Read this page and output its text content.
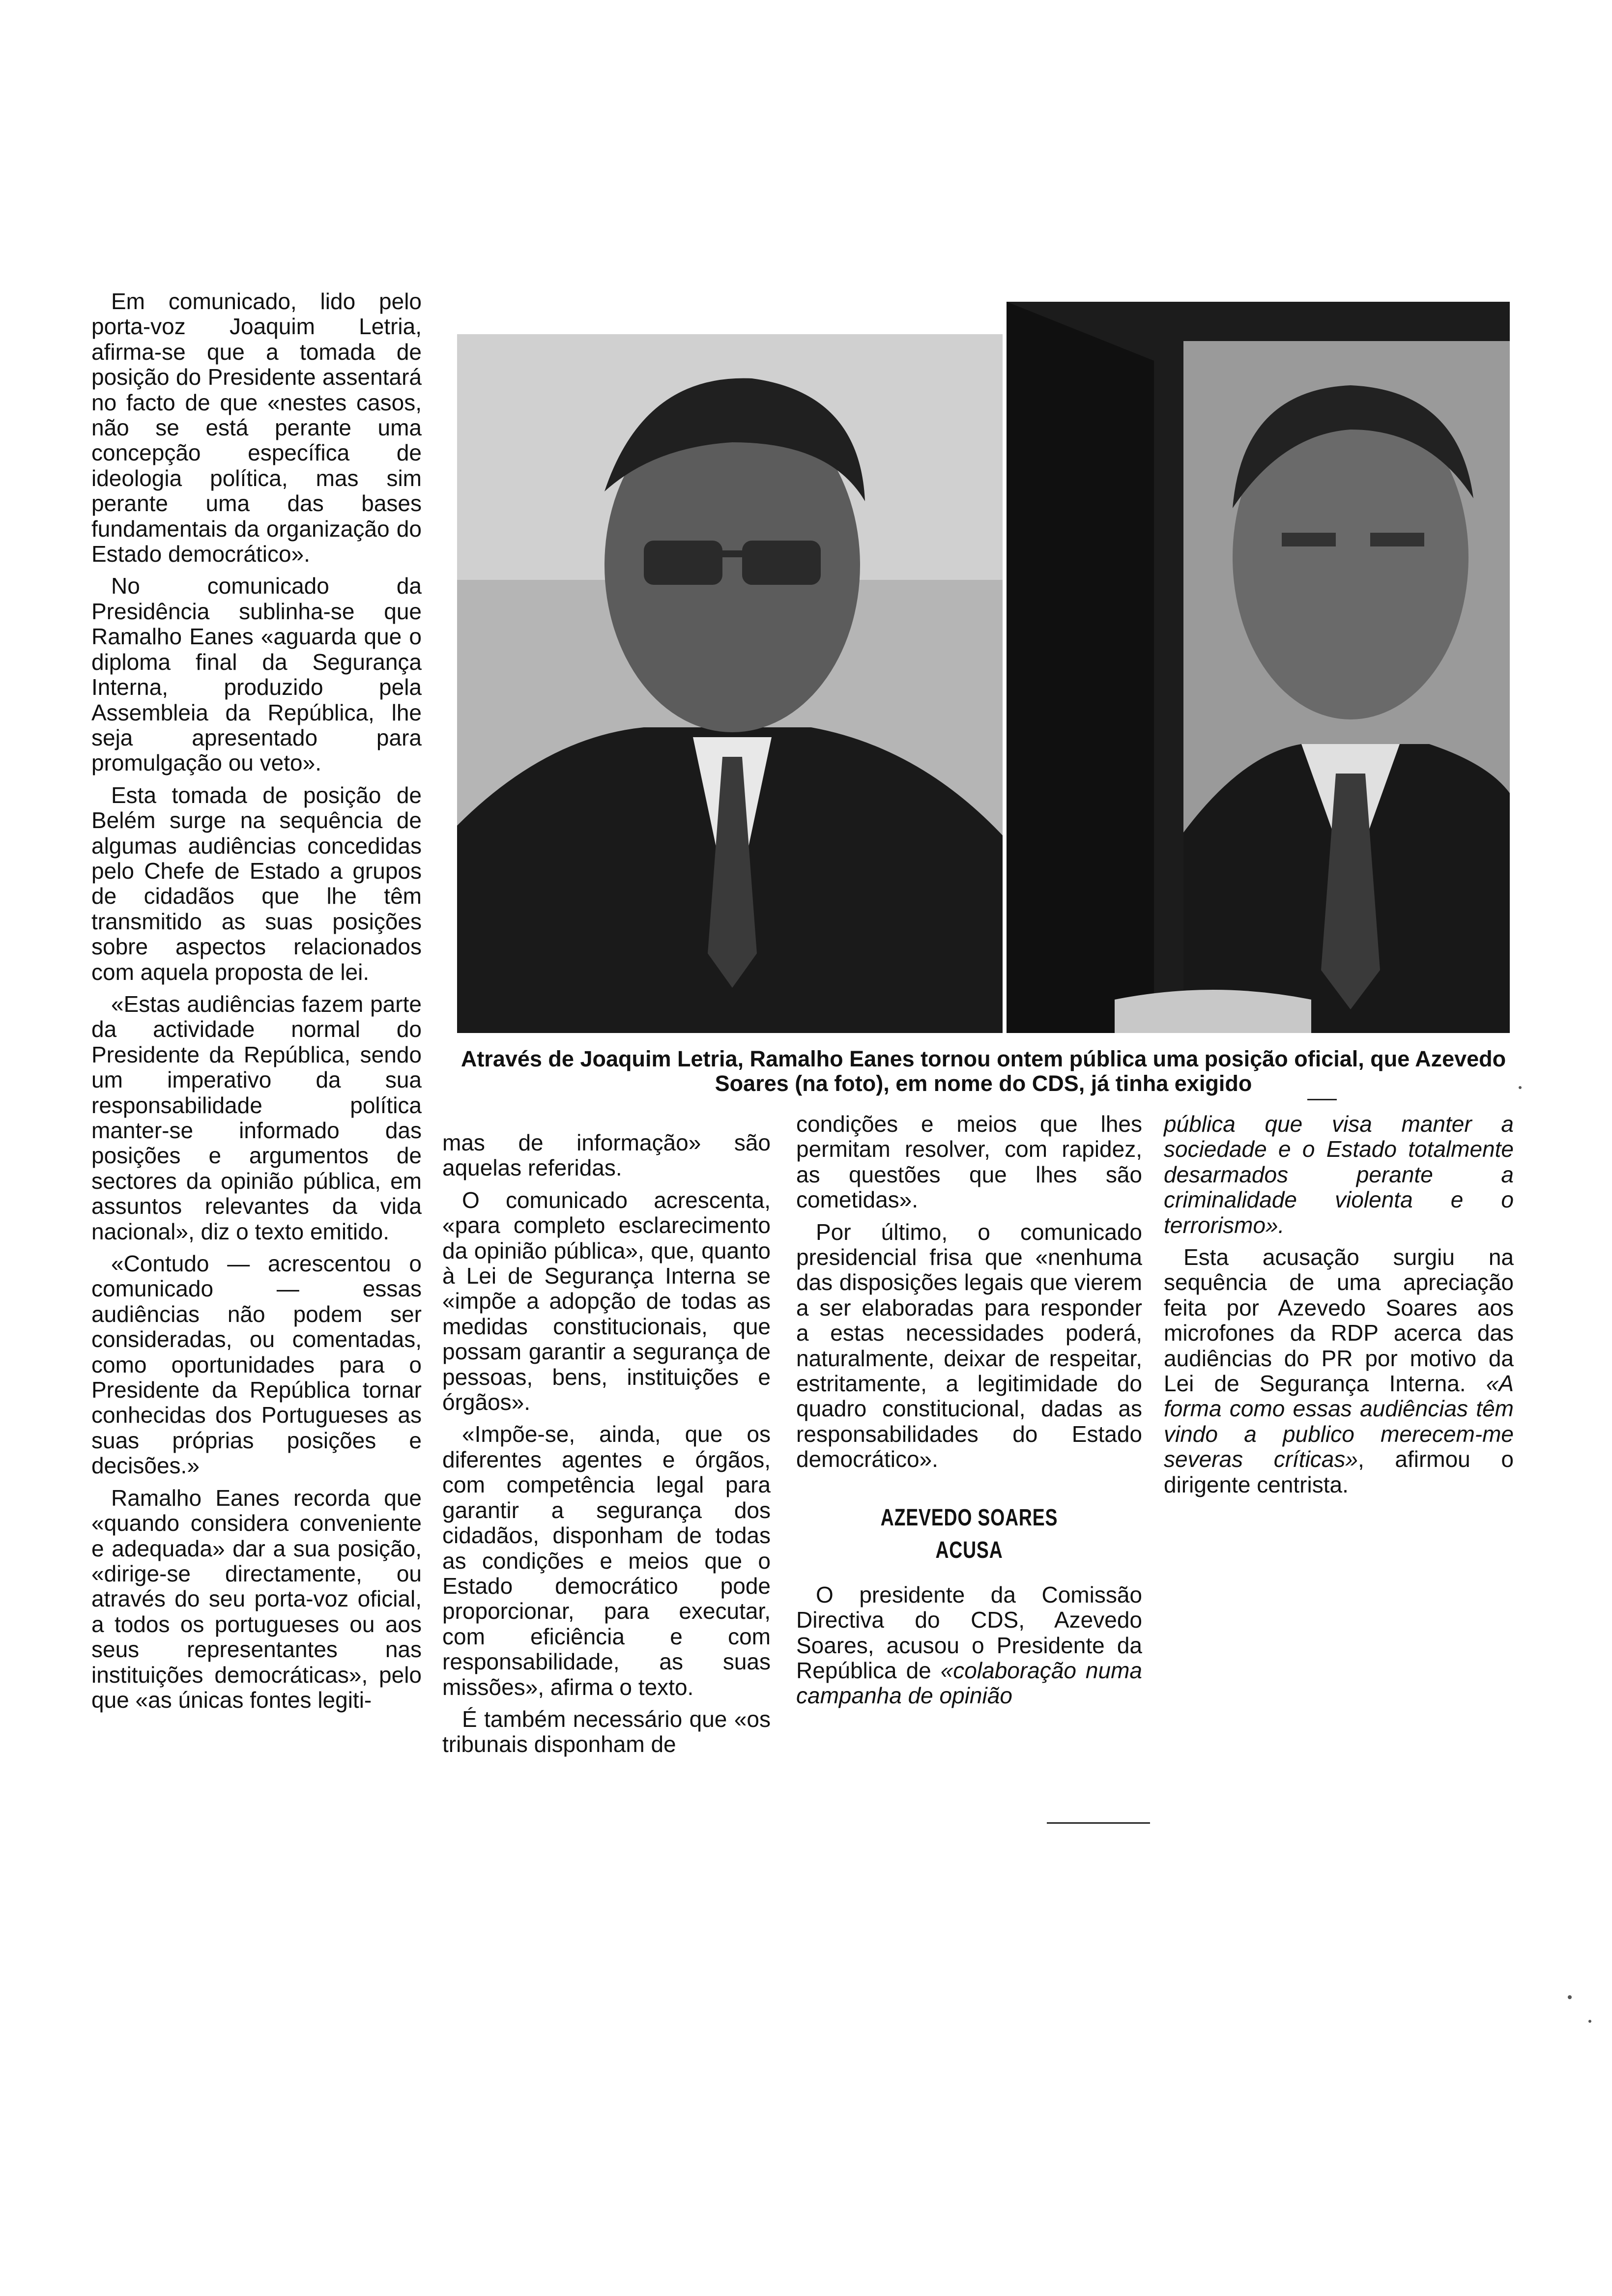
Em comunicado, lido pelo porta-voz Joaquim Letria, afirma-se que a tomada de posição do Presidente assentará no facto de que «nestes casos, não se está perante uma concepção específica de ideologia política, mas sim perante uma das bases fundamentais da organização do Estado democrático».

No comunicado da Presidência sublinha-se que Ramalho Eanes «aguarda que o diploma final da Segurança Interna, produzido pela Assembleia da República, lhe seja apresentado para promulgação ou veto».

Esta tomada de posição de Belém surge na sequência de algumas audiências concedidas pelo Chefe de Estado a grupos de cidadãos que lhe têm transmitido as suas posições sobre aspectos relacionados com aquela proposta de lei.

«Estas audiências fazem parte da actividade normal do Presidente da República, sendo um imperativo da sua responsabilidade política manter-se informado das posições e argumentos de sectores da opinião pública, em assuntos relevantes da vida nacional», diz o texto emitido.

«Contudo — acrescentou o comunicado — essas audiências não podem ser consideradas, ou comentadas, como oportunidades para o Presidente da República tornar conhecidas dos Portugueses as suas próprias posições e decisões.»

Ramalho Eanes recorda que «quando considera conveniente e adequada» dar a sua posição, «dirige-se directamente, ou através do seu porta-voz oficial, a todos os portugueses ou aos seus representantes nas instituições democráticas», pelo que «as únicas fontes legiti-

Através de Joaquim Letria, Ramalho Eanes tornou ontem pública uma posição oficial, que Azevedo Soares (na foto), em nome do CDS, já tinha exigido

mas de informação» são aquelas referidas.

O comunicado acrescenta, «para completo esclarecimento da opinião pública», que, quanto à Lei de Segurança Interna se «impõe a adopção de todas as medidas constitucionais, que possam garantir a segurança de pessoas, bens, instituições e órgãos».

«Impõe-se, ainda, que os diferentes agentes e órgãos, com competência legal para garantir a segurança dos cidadãos, disponham de todas as condições e meios que o Estado democrático pode proporcionar, para executar, com eficiência e com responsabilidade, as suas missões», afirma o texto.

É também necessário que «os tribunais disponham de

condições e meios que lhes permitam resolver, com rapidez, as questões que lhes são cometidas».

Por último, o comunicado presidencial frisa que «nenhuma das disposições legais que vierem a ser elaboradas para responder a estas necessidades poderá, naturalmente, deixar de respeitar, estritamente, a legitimidade do quadro constitucional, dadas as responsabilidades do Estado democrático».

AZEVEDO SOARES
ACUSA

O presidente da Comissão Directiva do CDS, Azevedo Soares, acusou o Presidente da República de «colaboração numa campanha de opinião

pública que visa manter a sociedade e o Estado totalmente desarmados perante a criminalidade violenta e o terrorismo».

Esta acusação surgiu na sequência de uma apreciação feita por Azevedo Soares aos microfones da RDP acerca das audiências do PR por motivo da Lei de Segurança Interna. «A forma como essas audiências têm vindo a publico merecem-me severas críticas», afirmou o dirigente centrista.
